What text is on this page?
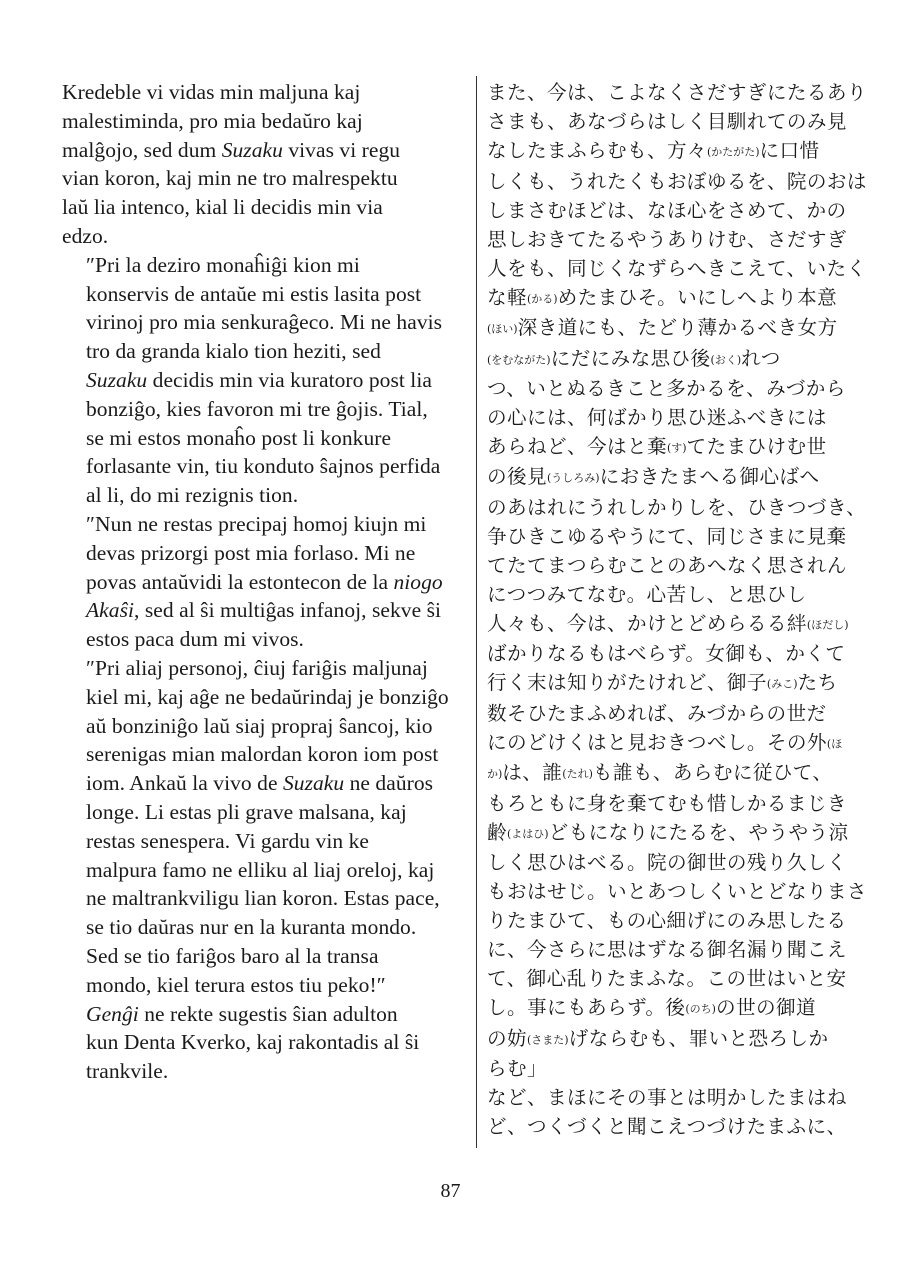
Kredeble vi vidas min maljuna kaj
malestiminda, pro mia bedaŭro kaj
malĝojo, sed dum Suzaku vivas vi regu
vian koron, kaj min ne tro malrespektu
laŭ lia intenco, kial li decidis min via
edzo.

″Pri la deziro monaĥiĝi kion mi
konservis de antaŭe mi estis lasita post
virinoj pro mia senkuraĝeco. Mi ne havis
tro da granda kialo tion heziti, sed
Suzaku decidis min via kuratoro post lia
bonziĝo, kies favoron mi tre ĝojis. Tial,
se mi estos monaĥo post li konkure
forlasante vin, tiu konduto ŝajnos perfida
al li, do mi rezignis tion.

″Nun ne restas precipaj homoj kiujn mi
devas prizorgi post mia forlaso. Mi ne
povas antaŭvidi la estontecon de la niogo
Akaŝi, sed al ŝi multiĝas infanoj, sekve ŝi
estos paca dum mi vivos.

″Pri aliaj personoj, ĉiuj fariĝis maljunaj
kiel mi, kaj aĝe ne bedaŭrindaj je bonziĝo
aŭ bonziniĝo laŭ siaj propraj ŝancoj, kio
serenigas mian malordan koron iom post
iom. Ankaŭ la vivo de Suzaku ne daŭros
longe. Li estas pli grave malsana, kaj
restas senespera. Vi gardu vin ke
malpura famo ne elliku al liaj oreloj, kaj
ne maltrankviligu lian koron. Estas pace,
se tio daŭras nur en la kuranta mondo.
Sed se tio fariĝos baro al la transa
mondo, kiel terura estos tiu peko!″

Genĝi ne rekte sugestis ŝian adulton
kun Denta Kverko, kaj rakontadis al ŝi
trankvile.

また、今は、こよなくさだすぎにたるあり
さまも、あなづらはしく目馴れてのみ見
なしたまふらむも、方々(かたがた)に口惜
しくも、うれたくもおぼゆるを、院のおは
しまさむほどは、なほ心をさめて、かの
思しおきてたるやうありけむ、さだすぎ
人をも、同じくなずらへきこえて、いたく
な軽(かる)めたまひそ。いにしへより本意
(ほい)深き道にも、たどり薄かるべき女方
(をむながた)にだにみな思ひ後(おく)れつ
つ、いとぬるきこと多かるを、みづから
の心には、何ばかり思ひ迷ふべきには
あらねど、今はと棄(す)てたまひけむ世
の後見(うしろみ)におきたまへる御心ばへ
のあはれにうれしかりしを、ひきつづき、
争ひきこゆるやうにて、同じさまに見棄
てたてまつらむことのあへなく思されん
につつみてなむ。心苦し、と思ひし
人々も、今は、かけとどめらるる絆(ほだし)
ばかりなるもはべらず。女御も、かくて
行く末は知りがたけれど、御子(みこ)たち
数そひたまふめれば、みづからの世だ
にのどけくはと見おきつべし。その外(ほ
か)は、誰(たれ)も誰も、あらむに従ひて、
もろともに身を棄てむも惜しかるまじき
齢(よはひ)どもになりにたるを、やうやう涼
しく思ひはべる。院の御世の残り久しく
もおはせじ。いとあつしくいとどなりまさ
りたまひて、もの心細げにのみ思したる
に、今さらに思はずなる御名漏り聞こえ
て、御心乱りたまふな。この世はいと安
し。事にもあらず。後(のち)の世の御道
の妨(さまた)げならむも、罪いと恐ろしか
らむ」
など、まほにその事とは明かしたまはね
ど、つくづくと聞こえつづけたまふに、
87
